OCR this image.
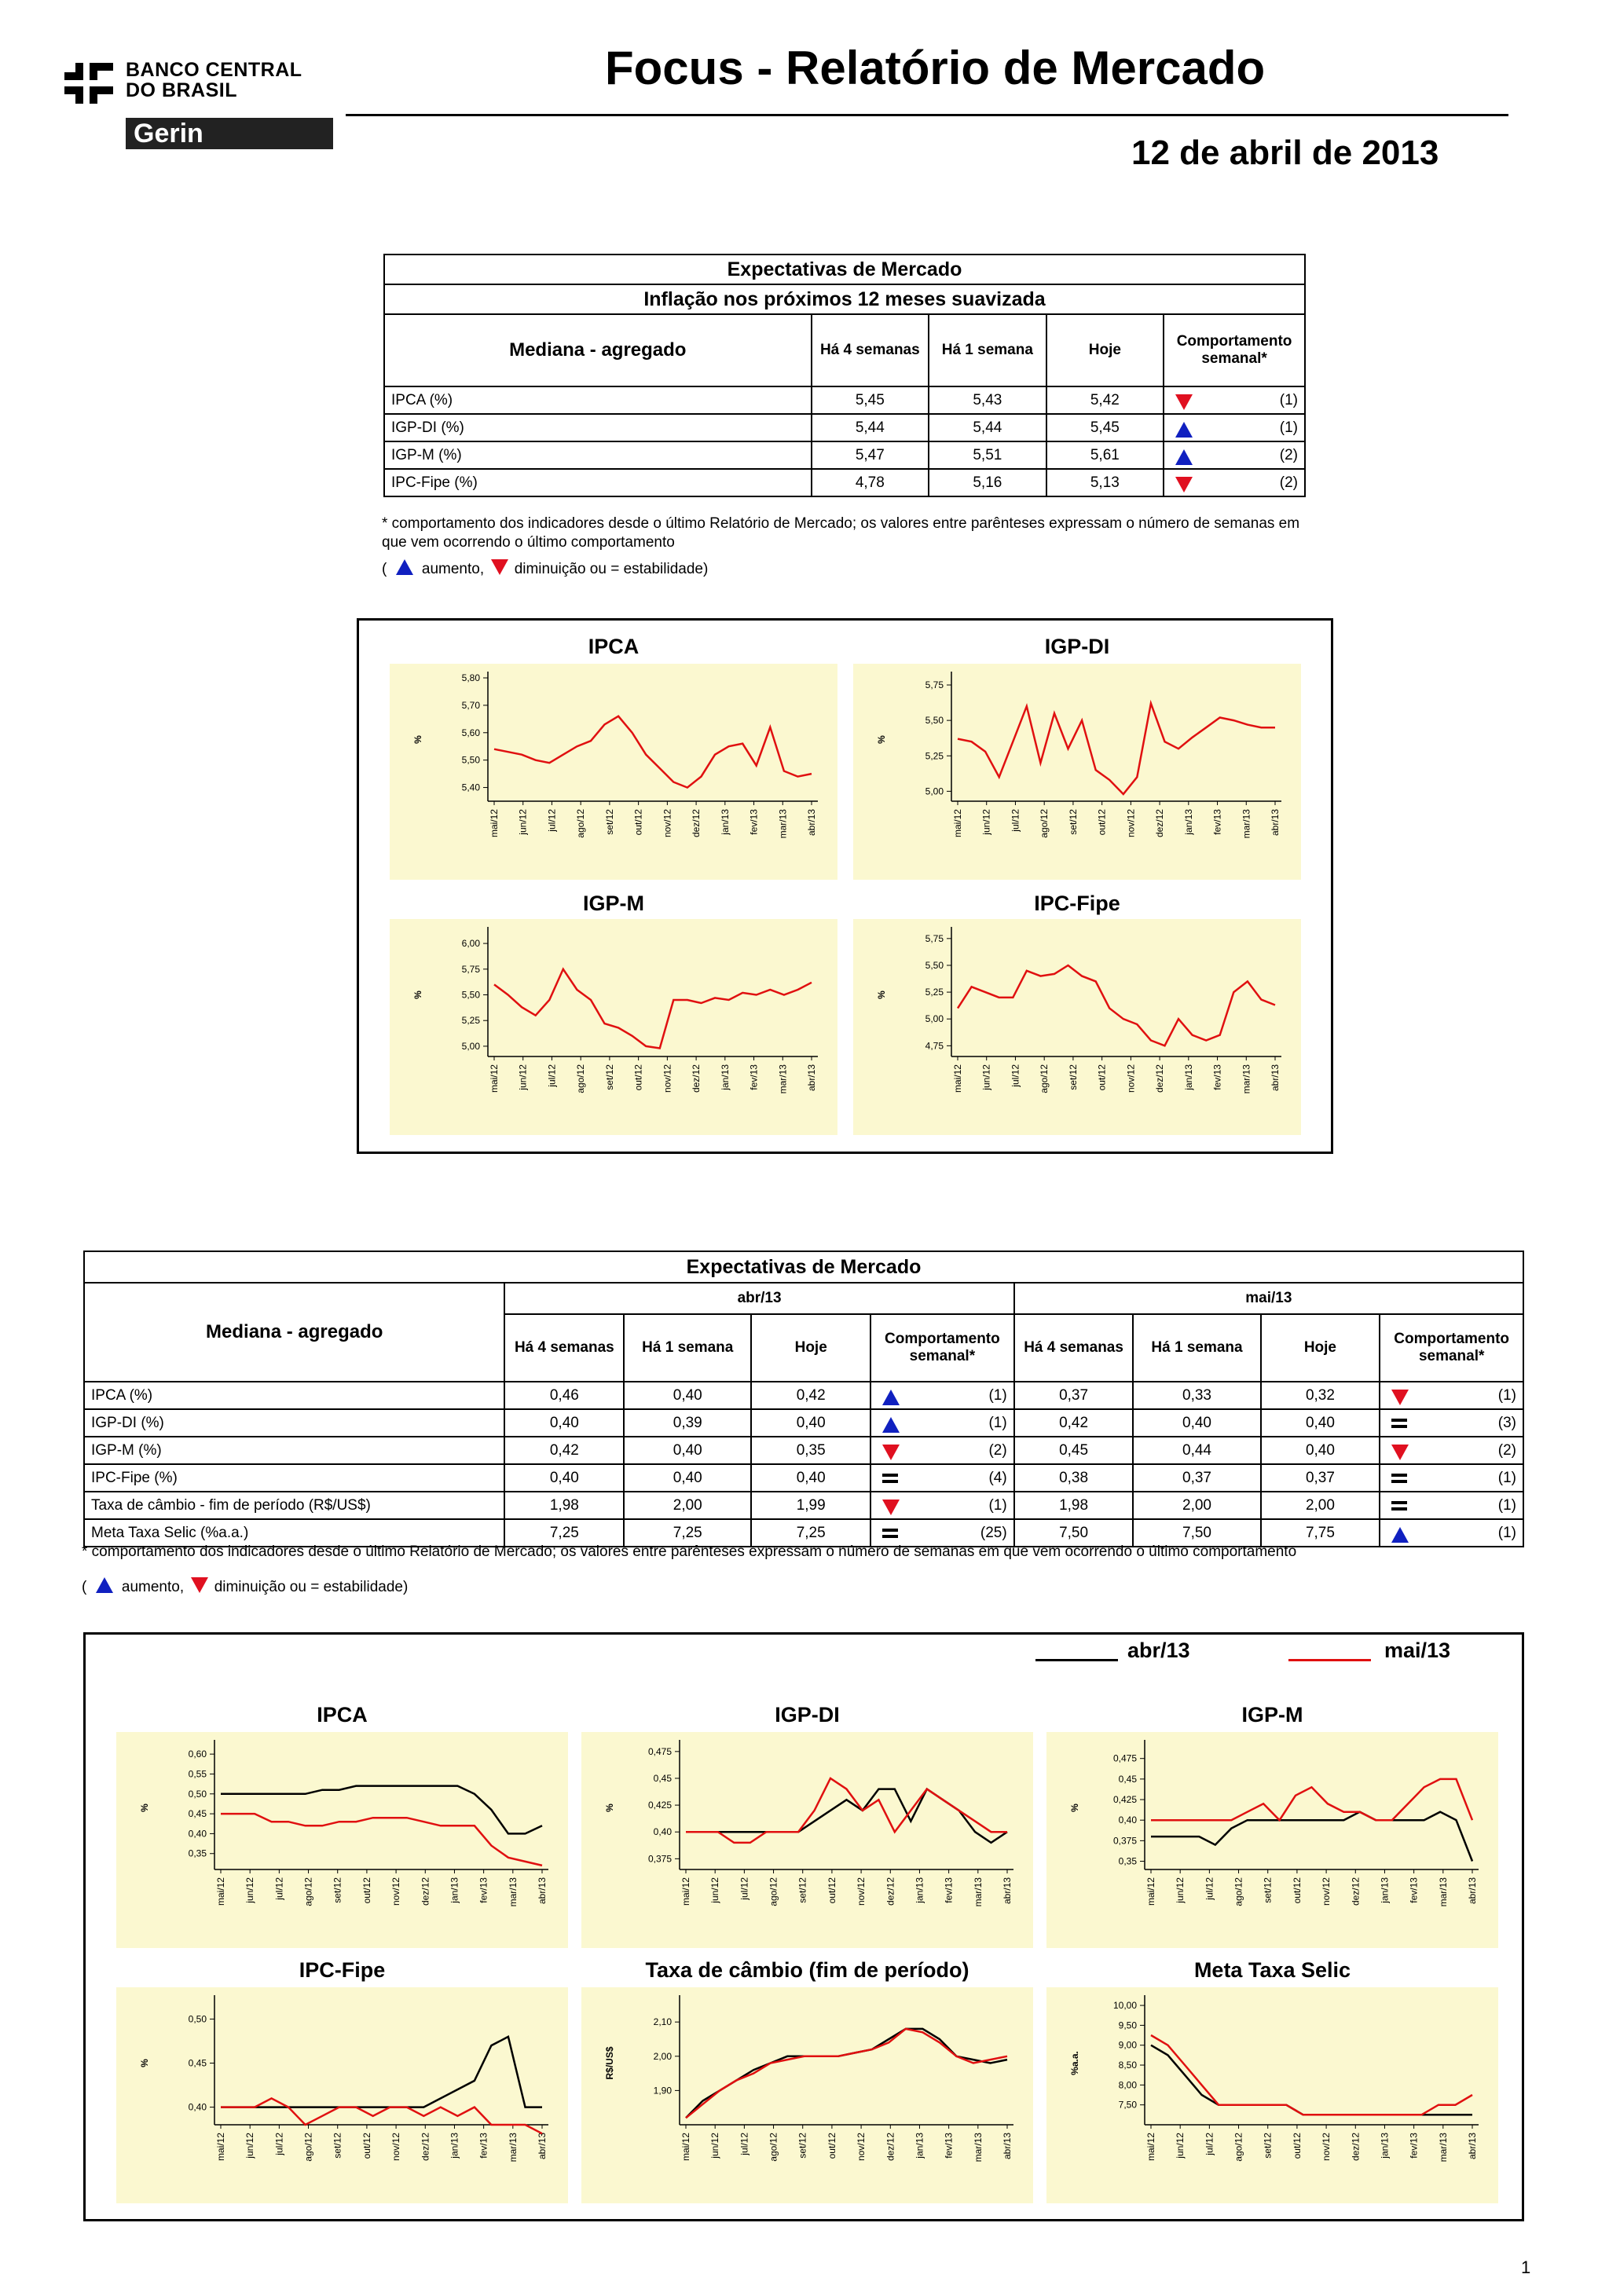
BANCO CENTRAL
DO BRASIL
Gerin
Focus - Relatório de Mercado
12 de abril de 2013
Expectativas de Mercado				
Inflação nos próximos 12 meses suavizada				
Mediana - agregado	Há 4 semanas	Há 1 semana	Hoje	Comportamento semanal*
IPCA (%)	5,45	5,43	5,42	(1)
IGP-DI (%)	5,44	5,44	5,45	(1)
IGP-M (%)	5,47	5,51	5,61	(2)
IPC-Fipe (%)	4,78	5,16	5,13	(2)
* comportamento dos indicadores desde o último Relatório de Mercado; os valores entre parênteses expressam o número de semanas em que vem ocorrendo o último comportamento
( aumento, diminuição ou = estabilidade)
IPCA	IGP-DI
IGP-M	IPC-Fipe
5,80
5,70
5,60
5,50
5,40
%
mai/12 jun/12 jul/12 ago/12 set/12 out/12 nov/12 dez/12 jan/13 fev/13 mar/13 abr/13
5,75
5,50
5,25
5,00
%
mai/12 jun/12 jul/12 ago/12 set/12 out/12 nov/12 dez/12 jan/13 fev/13 mar/13 abr/13
6,00
5,75
5,50
5,25
5,00
%
mai/12 jun/12 jul/12 ago/12 set/12 out/12 nov/12 dez/12 jan/13 fev/13 mar/13 abr/13
5,75
5,50
5,25
5,00
4,75
%
mai/12 jun/12 jul/12 ago/12 set/12 out/12 nov/12 dez/12 jan/13 fev/13 mar/13 abr/13
Expectativas de Mercado								
Mediana - agregado	abr/13				mai/13			
	Há 4 semanas	Há 1 semana	Hoje	Comportamento semanal*	Há 4 semanas	Há 1 semana	Hoje	Comportamento semanal*
IPCA (%)	0,46	0,40	0,42	(1)	0,37	0,33	0,32	(1)
IGP-DI (%)	0,40	0,39	0,40	(1)	0,42	0,40	0,40	(3)
IGP-M (%)	0,42	0,40	0,35	(2)	0,45	0,44	0,40	(2)
IPC-Fipe (%)	0,40	0,40	0,40	(4)	0,38	0,37	0,37	(1)
Taxa de câmbio - fim de período (R$/US$)	1,98	2,00	1,99	(1)	1,98	2,00	2,00	(1)
Meta Taxa Selic (%a.a.)	7,25	7,25	7,25	(25)	7,50	7,50	7,75	(1)
* comportamento dos indicadores desde o último Relatório de Mercado; os valores entre parênteses expressam o número de semanas em que vem ocorrendo o último comportamento
( aumento, diminuição ou = estabilidade)
abr/13	mai/13
IPCA	IGP-DI	IGP-M
IPC-Fipe	Taxa de câmbio (fim de período)	Meta Taxa Selic
0,60
0,55
0,50
0,45
0,40
0,35
%
mai/12 jun/12 jul/12 ago/12 set/12 out/12 nov/12 dez/12 jan/13 fev/13 mar/13 abr/13
0,475
0,45
0,425
0,40
0,375
%
mai/12 jun/12 jul/12 ago/12 set/12 out/12 nov/12 dez/12 jan/13 fev/13 mar/13 abr/13
0,475
0,45
0,425
0,40
0,375
0,35
%
mai/12 jun/12 jul/12 ago/12 set/12 out/12 nov/12 dez/12 jan/13 fev/13 mar/13 abr/13
0,50
0,45
0,40
%
mai/12 jun/12 jul/12 ago/12 set/12 out/12 nov/12 dez/12 jan/13 fev/13 mar/13 abr/13
2,10
2,00
1,90
R$/US$
mai/12 jun/12 jul/12 ago/12 set/12 out/12 nov/12 dez/12 jan/13 fev/13 mar/13 abr/13
10,00
9,50
9,00
8,50
8,00
7,50
%a.a.
mai/12 jun/12 jul/12 ago/12 set/12 out/12 nov/12 dez/12 jan/13 fev/13 mar/13 abr/13
1
